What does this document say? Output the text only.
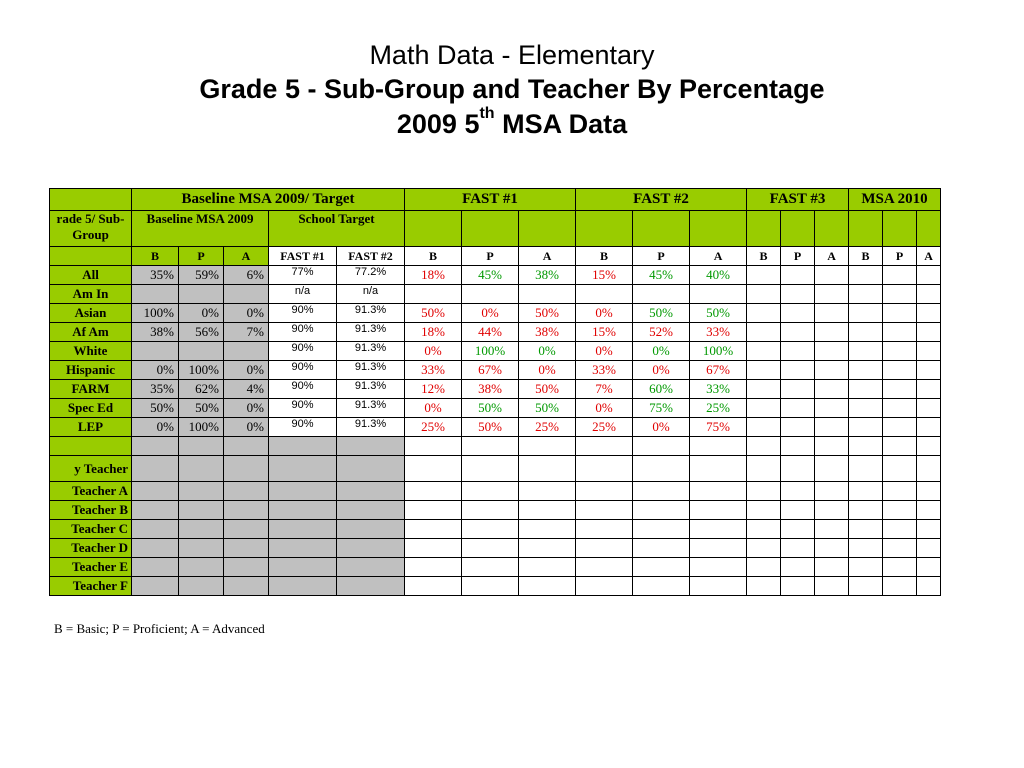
Math Data - Elementary
Grade 5 - Sub-Group and Teacher By Percentage
2009 5th MSA Data
	Baseline MSA 2009/ Target					FAST #1			FAST #2			FAST #3			MSA 2010		
rade 5/ Sub-Group	Baseline MSA 2009			School Target													
	B	P	A	FAST #1	FAST #2	B	P	A	B	P	A	B	P	A	B	P	A
All	35%	59%	6%	77%	77.2%	18%	45%	38%	15%	45%	40%						
Am In				n/a	n/a												
Asian	100%	0%	0%	90%	91.3%	50%	0%	50%	0%	50%	50%						
Af Am	38%	56%	7%	90%	91.3%	18%	44%	38%	15%	52%	33%						
White				90%	91.3%	0%	100%	0%	0%	0%	100%						
Hispanic	0%	100%	0%	90%	91.3%	33%	67%	0%	33%	0%	67%						
FARM	35%	62%	4%	90%	91.3%	12%	38%	50%	7%	60%	33%						
Spec Ed	50%	50%	0%	90%	91.3%	0%	50%	50%	0%	75%	25%						
LEP	0%	100%	0%	90%	91.3%	25%	50%	25%	25%	0%	75%						

y Teacher																	
Teacher A																	
Teacher B																	
Teacher C																	
Teacher D																	
Teacher E																	
Teacher F																	
B = Basic; P = Proficient; A = Advanced
